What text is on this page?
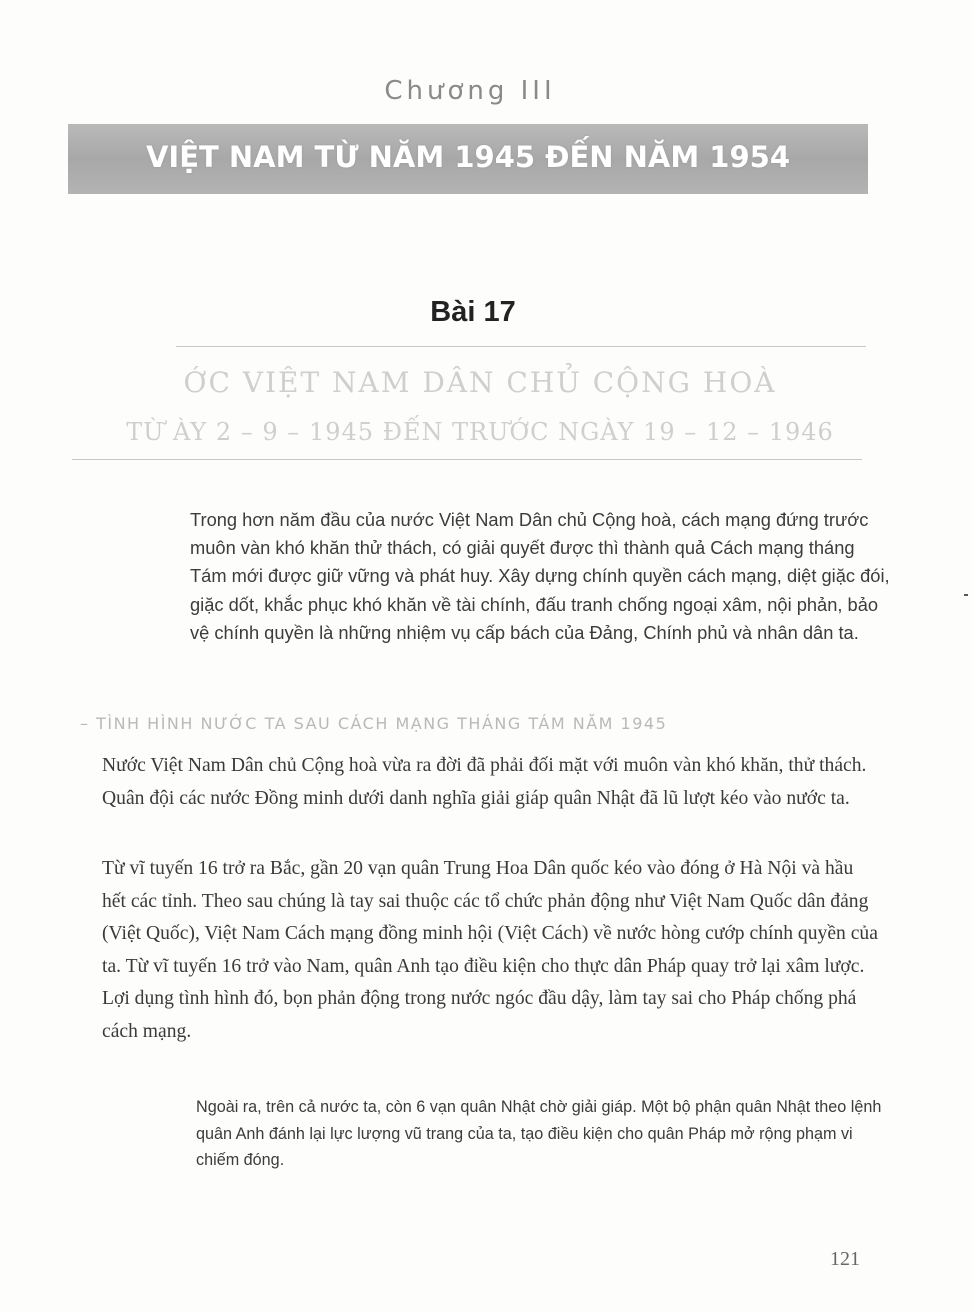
Chương III
VIỆT NAM TỪ NĂM 1945 ĐẾN NĂM 1954
Bài 17
ỚC VIỆT NAM DÂN CHỦ CỘNG HOÀ
TỪ ÀY 2 – 9 – 1945 ĐẾN TRƯỚC NGÀY 19 – 12 – 1946
Trong hơn năm đầu của nước Việt Nam Dân chủ Cộng hoà, cách mạng đứng trước muôn vàn khó khăn thử thách, có giải quyết được thì thành quả Cách mạng tháng Tám mới được giữ vững và phát huy. Xây dựng chính quyền cách mạng, diệt giặc đói, giặc dốt, khắc phục khó khăn về tài chính, đấu tranh chống ngoại xâm, nội phản, bảo vệ chính quyền là những nhiệm vụ cấp bách của Đảng, Chính phủ và nhân dân ta.
– TÌNH HÌNH NƯỚC TA SAU CÁCH MẠNG THÁNG TÁM NĂM 1945
Nước Việt Nam Dân chủ Cộng hoà vừa ra đời đã phải đối mặt với muôn vàn khó khăn, thử thách. Quân đội các nước Đồng minh dưới danh nghĩa giải giáp quân Nhật đã lũ lượt kéo vào nước ta.
Từ vĩ tuyến 16 trở ra Bắc, gần 20 vạn quân Trung Hoa Dân quốc kéo vào đóng ở Hà Nội và hầu hết các tỉnh. Theo sau chúng là tay sai thuộc các tổ chức phản động như Việt Nam Quốc dân đảng (Việt Quốc), Việt Nam Cách mạng đồng minh hội (Việt Cách) về nước hòng cướp chính quyền của ta. Từ vĩ tuyến 16 trở vào Nam, quân Anh tạo điều kiện cho thực dân Pháp quay trở lại xâm lược. Lợi dụng tình hình đó, bọn phản động trong nước ngóc đầu dậy, làm tay sai cho Pháp chống phá cách mạng.
Ngoài ra, trên cả nước ta, còn 6 vạn quân Nhật chờ giải giáp. Một bộ phận quân Nhật theo lệnh quân Anh đánh lại lực lượng vũ trang của ta, tạo điều kiện cho quân Pháp mở rộng phạm vi chiếm đóng.
121
